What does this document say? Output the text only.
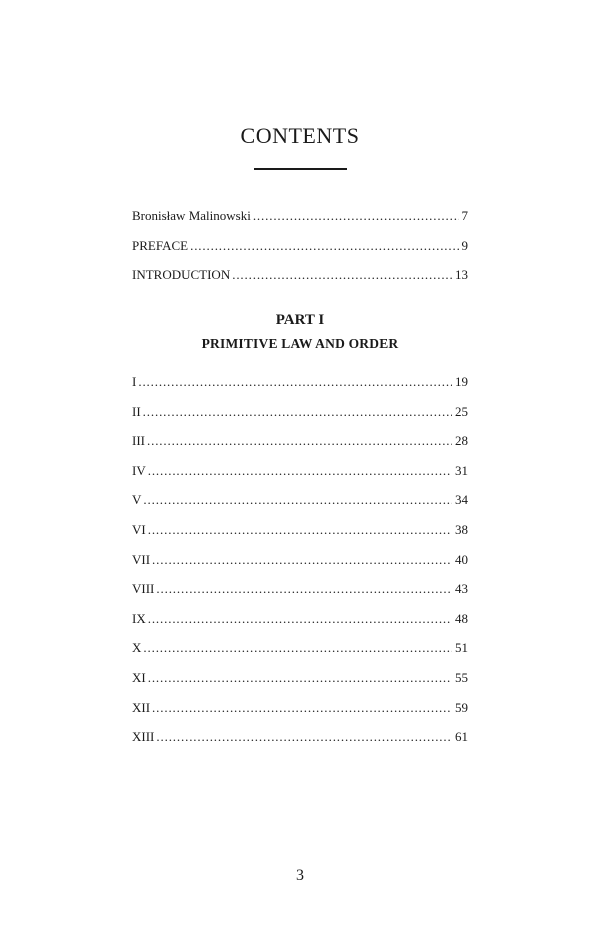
CONTENTS
Bronisław Malinowski . . .	7
PREFACE . . .	9
INTRODUCTION . . .	13
PART I
PRIMITIVE LAW AND ORDER
I . . .	19
II . . .	25
III . . .	28
IV . . .	31
V . . .	34
VI . . .	38
VII . . .	40
VIII . . .	43
IX . . .	48
X . . .	51
XI . . .	55
XII . . .	59
XIII . . .	61
3
